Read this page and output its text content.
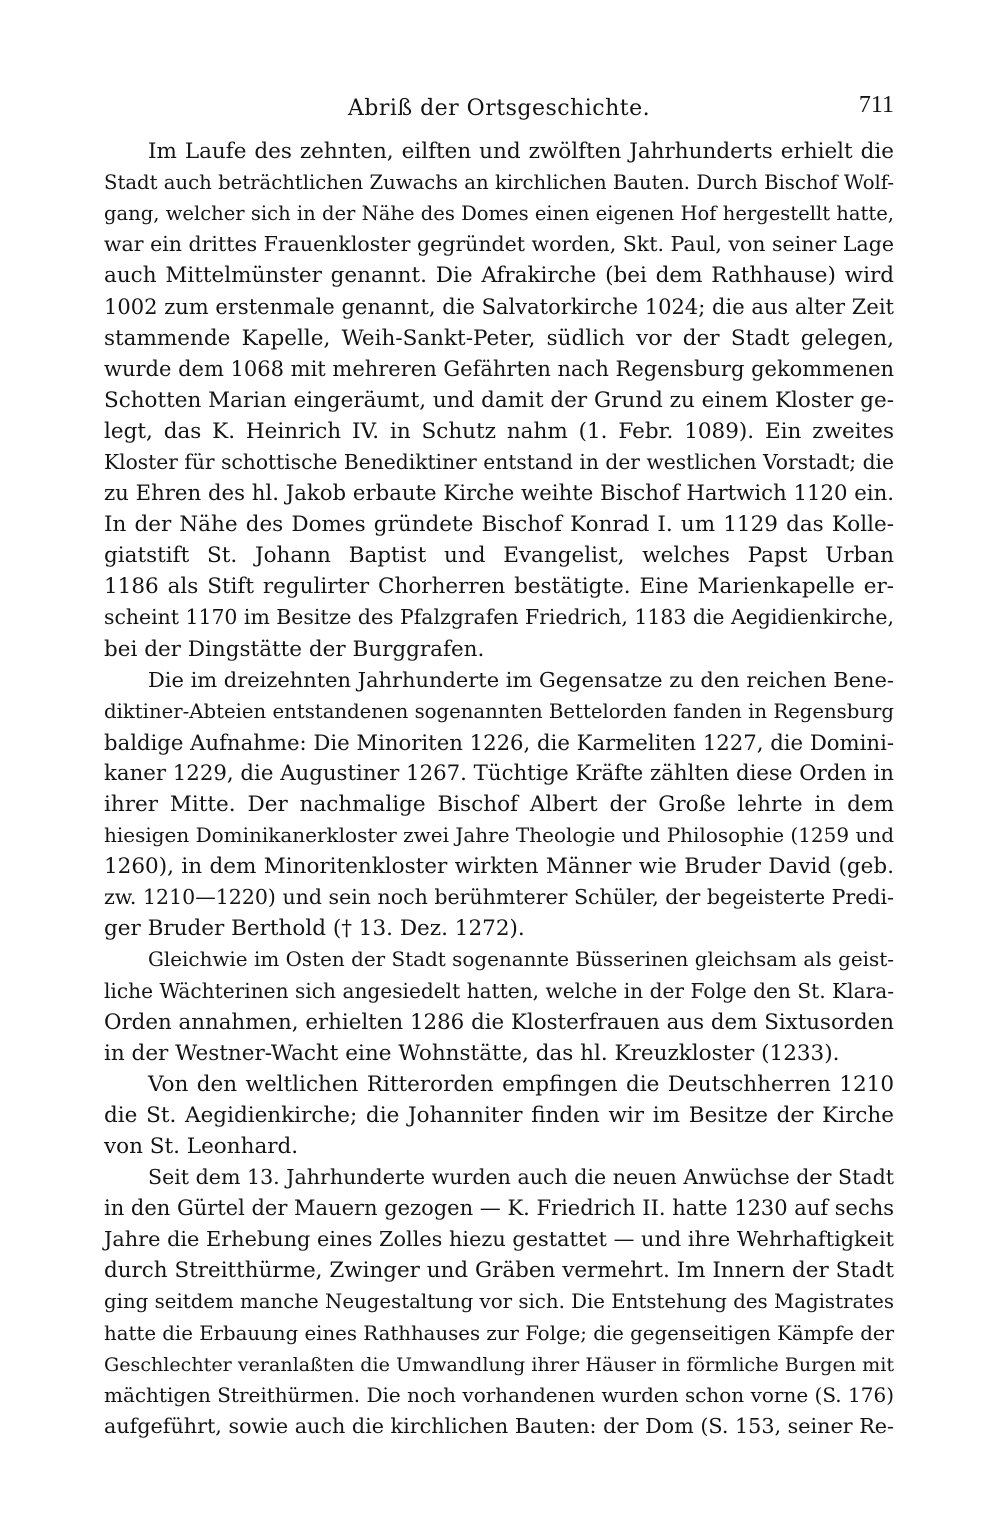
Abriß der Ortsgeschichte.	711

Im Laufe des zehnten, eilften und zwölften Jahrhunderts erhielt die
Stadt auch beträchtlichen Zuwachs an kirchlichen Bauten. Durch Bischof Wolf-
gang, welcher sich in der Nähe des Domes einen eigenen Hof hergestellt hatte,
war ein drittes Frauenkloster gegründet worden, Skt. Paul, von seiner Lage
auch Mittelmünster genannt. Die Afrakirche (bei dem Rathhause) wird
1002 zum erstenmale genannt, die Salvatorkirche 1024; die aus alter Zeit
stammende Kapelle, Weih-Sankt-Peter, südlich vor der Stadt gelegen,
wurde dem 1068 mit mehreren Gefährten nach Regensburg gekommenen
Schotten Marian eingeräumt, und damit der Grund zu einem Kloster ge-
legt, das K. Heinrich IV. in Schutz nahm (1. Febr. 1089). Ein zweites
Kloster für schottische Benediktiner entstand in der westlichen Vorstadt; die
zu Ehren des hl. Jakob erbaute Kirche weihte Bischof Hartwich 1120 ein.
In der Nähe des Domes gründete Bischof Konrad I. um 1129 das Kolle-
giatstift St. Johann Baptist und Evangelist, welches Papst Urban
1186 als Stift regulirter Chorherren bestätigte. Eine Marienkapelle er-
scheint 1170 im Besitze des Pfalzgrafen Friedrich, 1183 die Aegidienkirche,
bei der Dingstätte der Burggrafen.

Die im dreizehnten Jahrhunderte im Gegensatze zu den reichen Bene-
diktiner-Abteien entstandenen sogenannten Bettelorden fanden in Regensburg
baldige Aufnahme: Die Minoriten 1226, die Karmeliten 1227, die Domini-
kaner 1229, die Augustiner 1267. Tüchtige Kräfte zählten diese Orden in
ihrer Mitte. Der nachmalige Bischof Albert der Große lehrte in dem
hiesigen Dominikanerkloster zwei Jahre Theologie und Philosophie (1259 und
1260), in dem Minoritenkloster wirkten Männer wie Bruder David (geb.
zw. 1210—1220) und sein noch berühmterer Schüler, der begeisterte Predi-
ger Bruder Berthold († 13. Dez. 1272).

Gleichwie im Osten der Stadt sogenannte Büsserinen gleichsam als geist-
liche Wächterinen sich angesiedelt hatten, welche in der Folge den St. Klara-
Orden annahmen, erhielten 1286 die Klosterfrauen aus dem Sixtusorden
in der Westner-Wacht eine Wohnstätte, das hl. Kreuzkloster (1233).

Von den weltlichen Ritterorden empfingen die Deutschherren 1210
die St. Aegidienkirche; die Johanniter finden wir im Besitze der Kirche
von St. Leonhard.

Seit dem 13. Jahrhunderte wurden auch die neuen Anwüchse der Stadt
in den Gürtel der Mauern gezogen — K. Friedrich II. hatte 1230 auf sechs
Jahre die Erhebung eines Zolles hiezu gestattet — und ihre Wehrhaftigkeit
durch Streitthürme, Zwinger und Gräben vermehrt. Im Innern der Stadt
ging seitdem manche Neugestaltung vor sich. Die Entstehung des Magistrates
hatte die Erbauung eines Rathhauses zur Folge; die gegenseitigen Kämpfe der
Geschlechter veranlaßten die Umwandlung ihrer Häuser in förmliche Burgen mit
mächtigen Streithürmen. Die noch vorhandenen wurden schon vorne (S. 176)
aufgeführt, sowie auch die kirchlichen Bauten: der Dom (S. 153, seiner Re-
